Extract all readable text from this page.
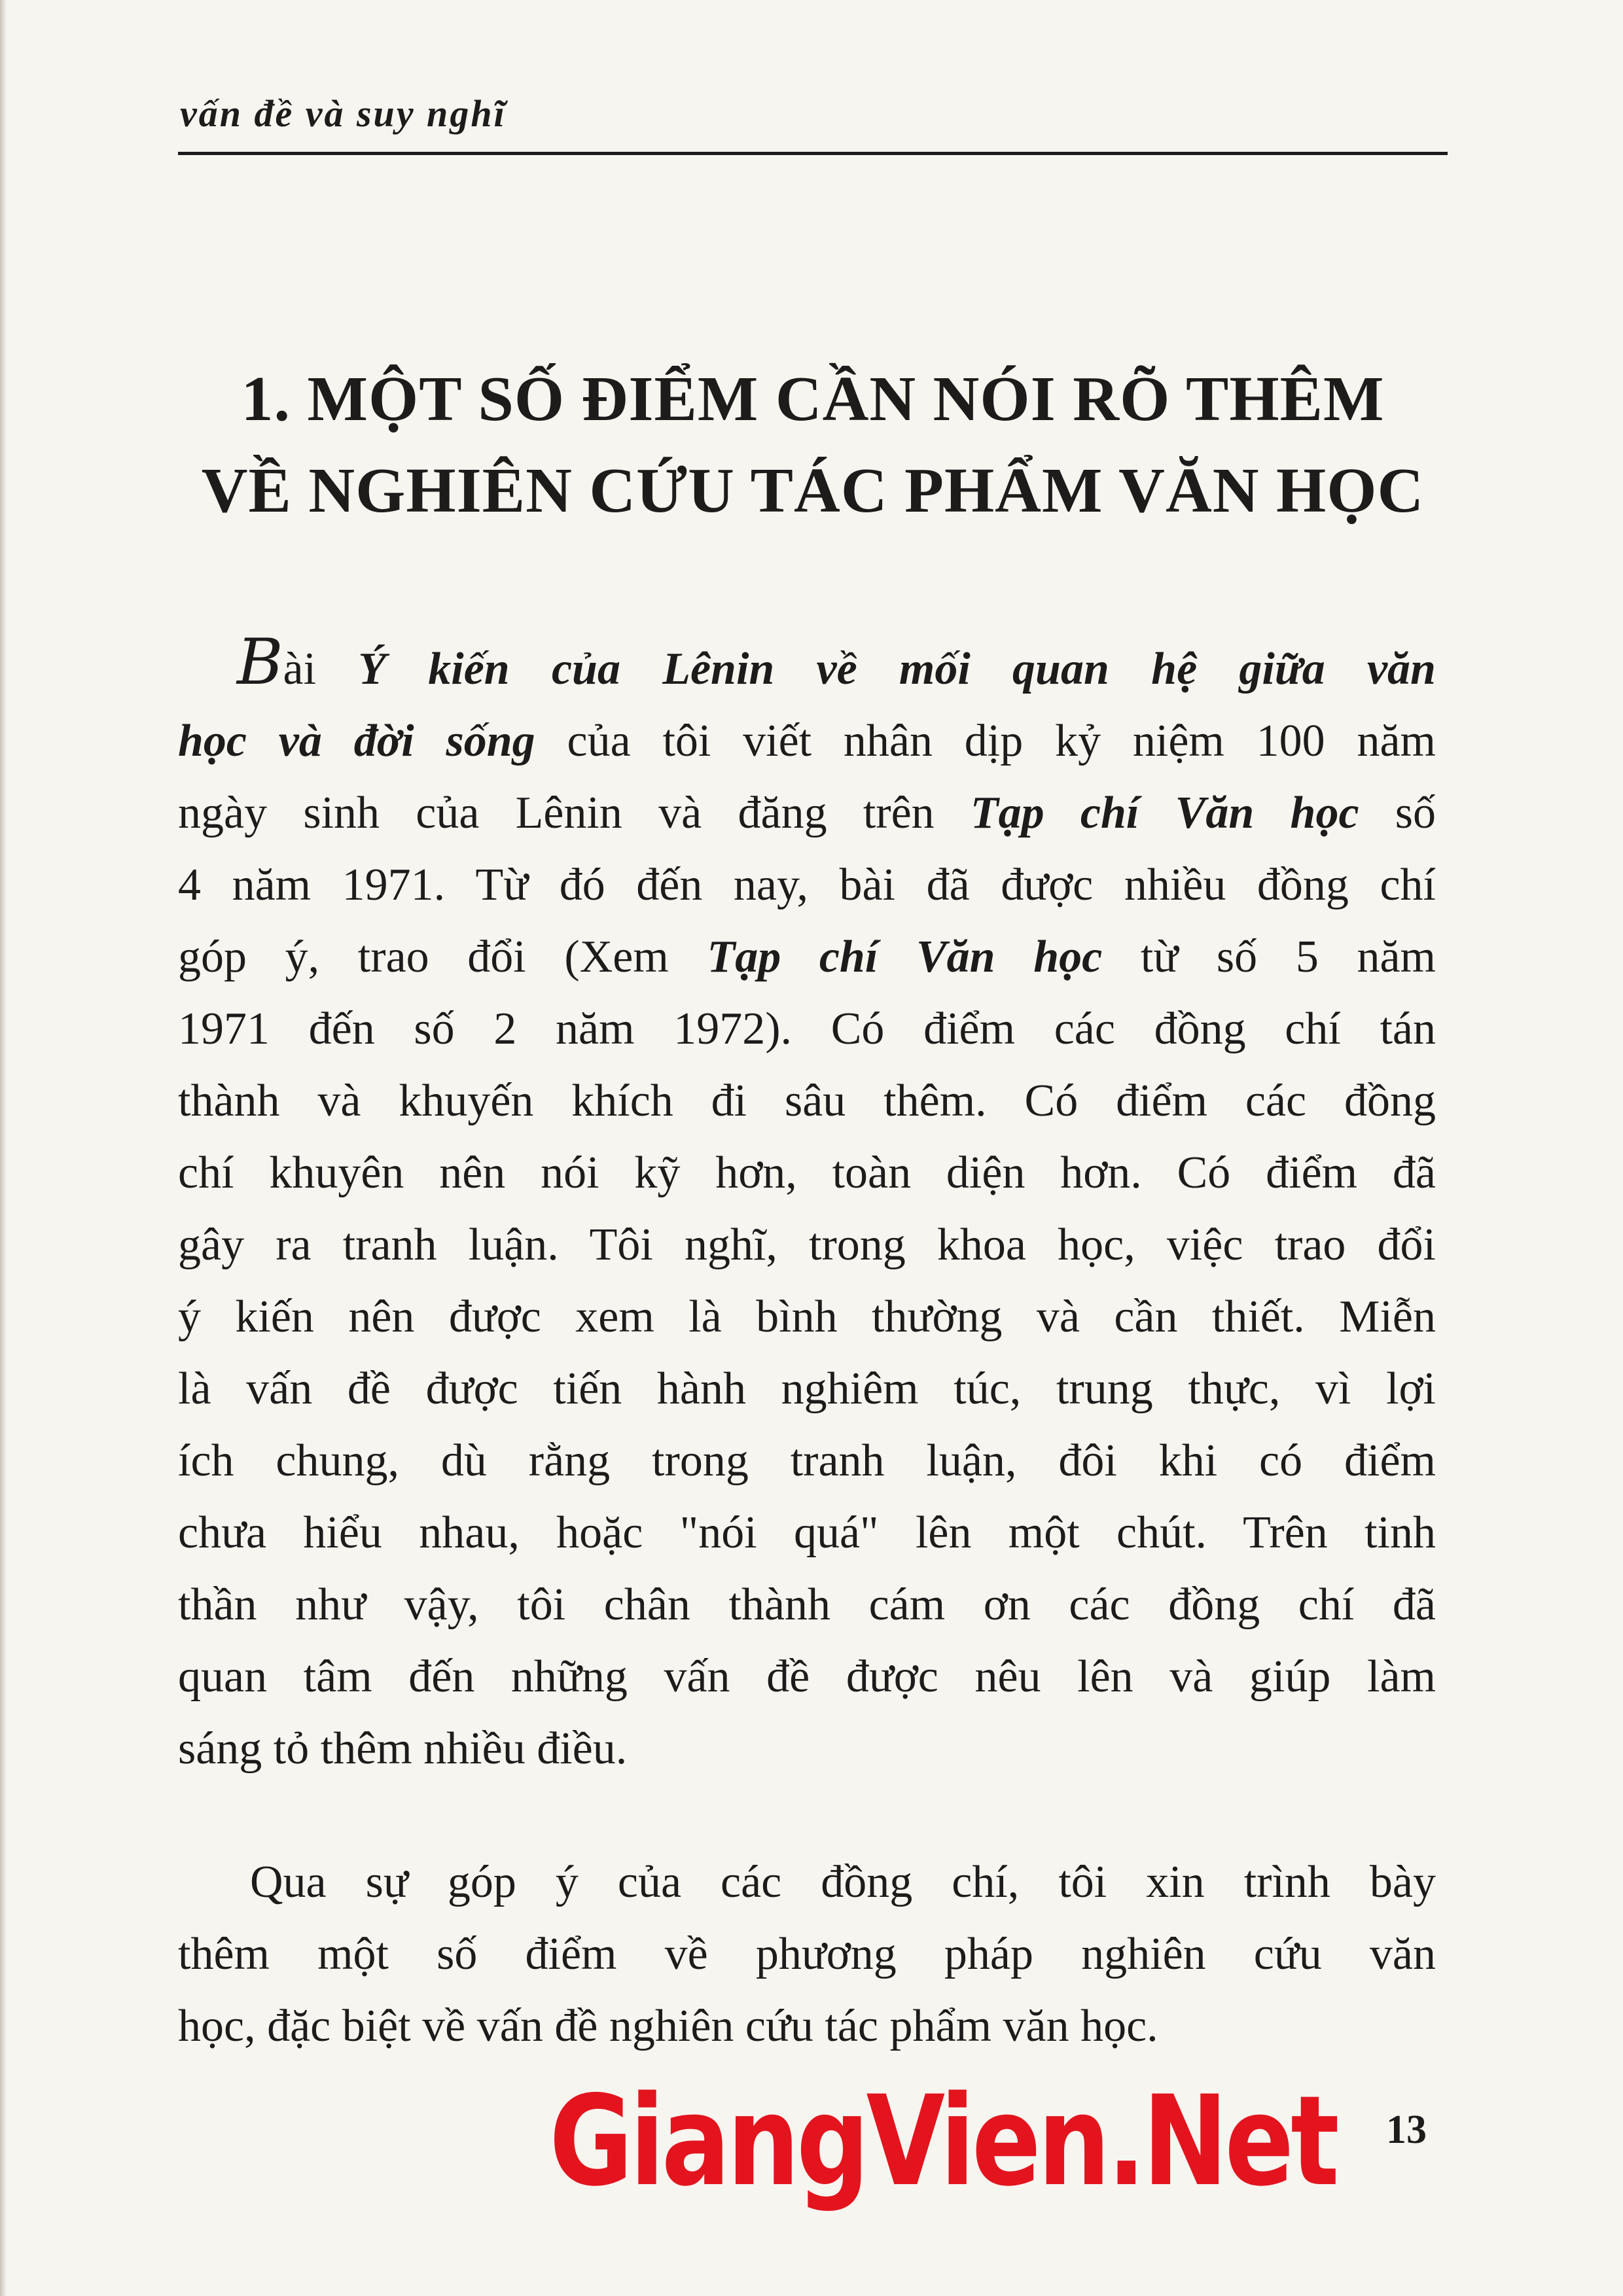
vấn đề và suy nghĩ
1. MỘT SỐ ĐIỂM CẦN NÓI RÕ THÊM
VỀ NGHIÊN CỨU TÁC PHẨM VĂN HỌC
Bài Ý kiến của Lênin về mối quan hệ giữa văn
học và đời sống của tôi viết nhân dịp kỷ niệm 100 năm
ngày sinh của Lênin và đăng trên Tạp chí Văn học số
4 năm 1971. Từ đó đến nay, bài đã được nhiều đồng chí
góp ý, trao đổi (Xem Tạp chí Văn học từ số 5 năm
1971 đến số 2 năm 1972). Có điểm các đồng chí tán
thành và khuyến khích đi sâu thêm. Có điểm các đồng
chí khuyên nên nói kỹ hơn, toàn diện hơn. Có điểm đã
gây ra tranh luận. Tôi nghĩ, trong khoa học, việc trao đổi
ý kiến nên được xem là bình thường và cần thiết. Miễn
là vấn đề được tiến hành nghiêm túc, trung thực, vì lợi
ích chung, dù rằng trong tranh luận, đôi khi có điểm
chưa hiểu nhau, hoặc "nói quá" lên một chút. Trên tinh
thần như vậy, tôi chân thành cám ơn các đồng chí đã
quan tâm đến những vấn đề được nêu lên và giúp làm
sáng tỏ thêm nhiều điều.
Qua sự góp ý của các đồng chí, tôi xin trình bày
thêm một số điểm về phương pháp nghiên cứu văn
học, đặc biệt về vấn đề nghiên cứu tác phẩm văn học.
GiangVien.Net 13
